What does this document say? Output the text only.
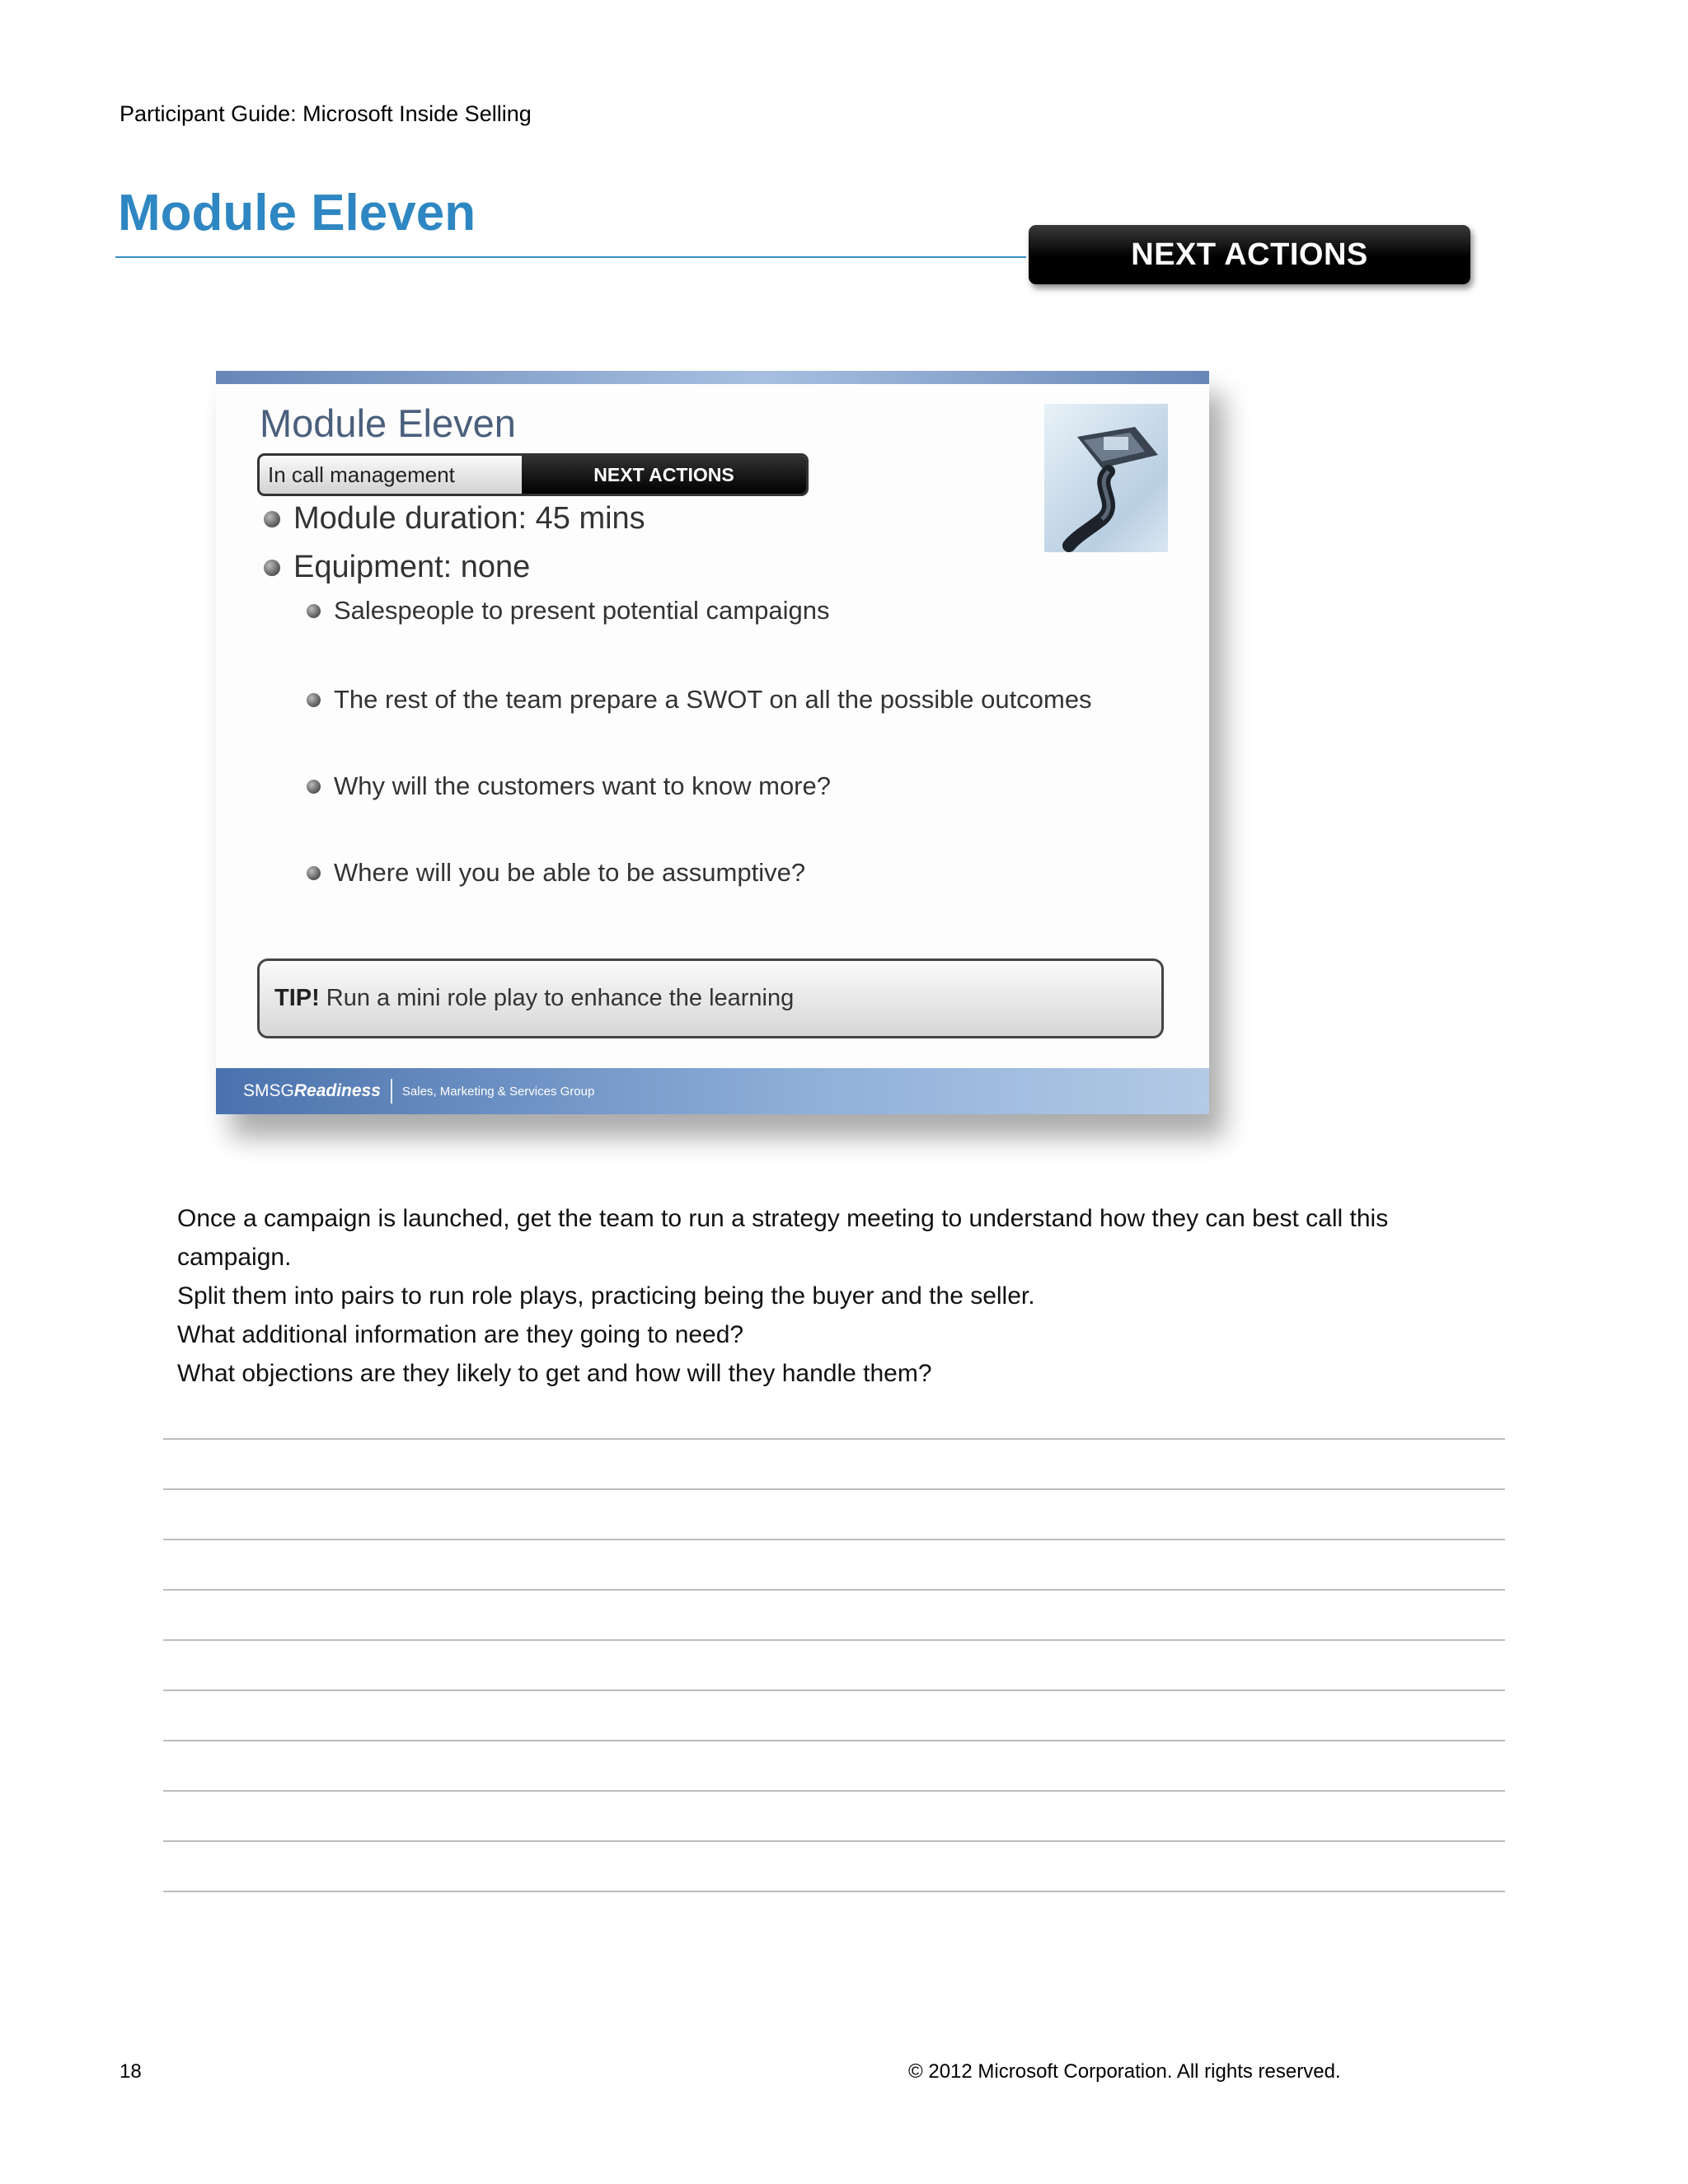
Participant Guide: Microsoft Inside Selling
Module Eleven
NEXT ACTIONS
Module Eleven
In call management	NEXT ACTIONS
Module duration: 45 mins
Equipment: none
Salespeople to present potential campaigns
The rest of the team prepare a SWOT on all the possible outcomes
Why will the customers want to know more?
Where will you be able to be assumptive?
TIP! Run a mini role play to enhance the learning
SMSGReadiness Sales, Marketing & Services Group

Once a campaign is launched, get the team to run a strategy meeting to understand how they can best call this campaign.

Split them into pairs to run role plays, practicing being the buyer and the seller.

What additional information are they going to need?

What objections are they likely to get and how will they handle them?

18	© 2012 Microsoft Corporation. All rights reserved.
